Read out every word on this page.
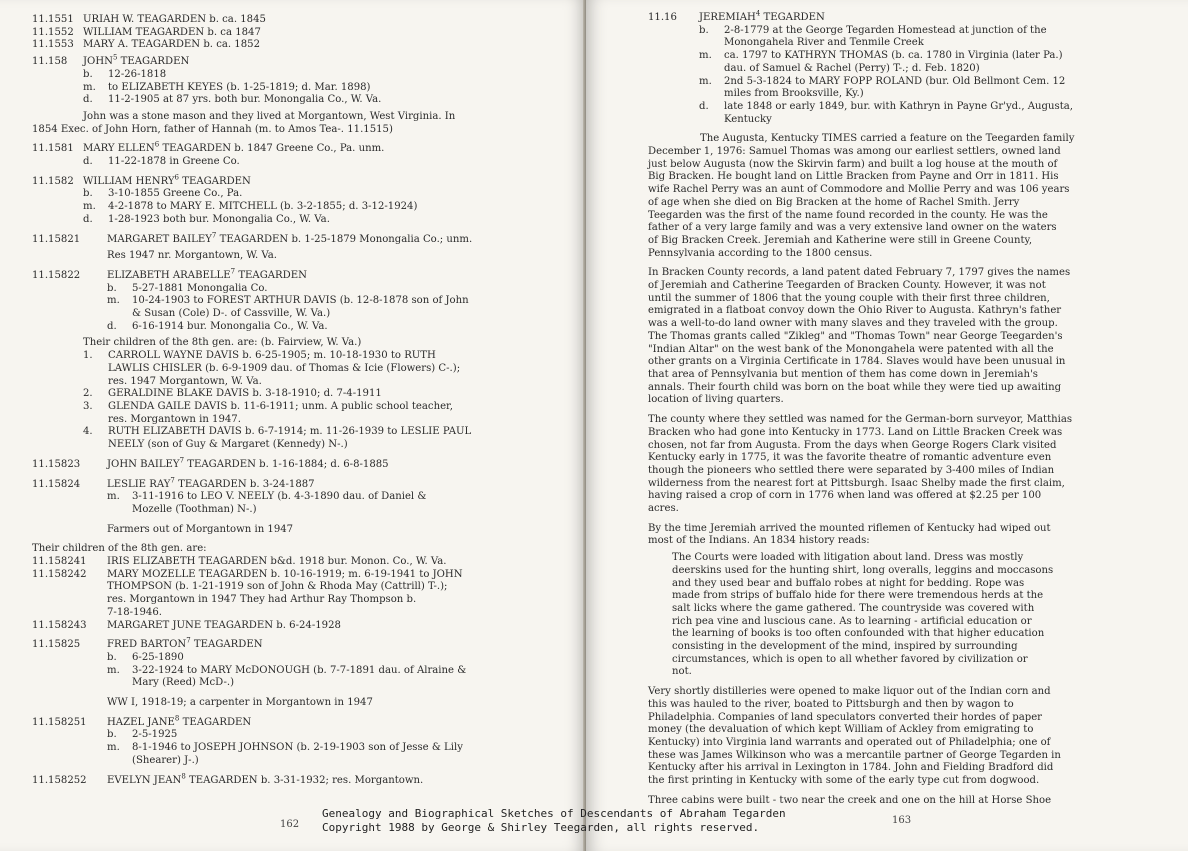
11.1551 URIAH W. TEAGARDEN b. ca. 1845
11.1552 WILLIAM TEAGARDEN b. ca 1847
11.1553 MARY A. TEAGARDEN b. ca. 1852
11.158	JOHN$^5$ TEAGARDEN
b.	12-26-1818
m.	to ELIZABETH KEYES (b. 1-25-1819; d. Mar. 1898)
d.	11-2-1905 at 87 yrs. both bur. Monongalia Co., W. Va.
John was a stone mason and they lived at Morgantown, West Virginia. In
1854 Exec. of John Horn, father of Hannah (m. to Amos Tea-. 11.1515)
11.1581 MARY ELLEN$^6$ TEAGARDEN b. 1847 Greene Co., Pa. unm.
d.	11-22-1878 in Greene Co.
11.1582 WILLIAM HENRY$^6$ TEAGARDEN
b.	3-10-1855 Greene Co., Pa.
m.	4-2-1878 to MARY E. MITCHELL (b. 3-2-1855; d. 3-12-1924)
d.	1-28-1923 both bur. Monongalia Co., W. Va.
11.15821	MARGARET BAILEY$^7$ TEAGARDEN b. 1-25-1879 Monongalia Co.; unm.
Res 1947 nr. Morgantown, W. Va.
11.15822	ELIZABETH ARABELLE$^7$ TEAGARDEN
b.	5-27-1881 Monongalia Co.
m.	10-24-1903 to FOREST ARTHUR DAVIS (b. 12-8-1878 son of John
& Susan (Cole) D-. of Cassville, W. Va.)
d.	6-16-1914 bur. Monongalia Co., W. Va.
Their children of the 8th gen. are: (b. Fairview, W. Va.)
1.	CARROLL WAYNE DAVIS b. 6-25-1905; m. 10-18-1930 to RUTH
LAWLIS CHISLER (b. 6-9-1909 dau. of Thomas & Icie (Flowers) C-.);
res. 1947 Morgantown, W. Va.
2.	GERALDINE BLAKE DAVIS b. 3-18-1910; d. 7-4-1911
3.	GLENDA GAILE DAVIS b. 11-6-1911; unm. A public school teacher,
res. Morgantown in 1947.
4.	RUTH ELIZABETH DAVIS b. 6-7-1914; m. 11-26-1939 to LESLIE PAUL
NEELY (son of Guy & Margaret (Kennedy) N-.)
11.15823	JOHN BAILEY$^7$ TEAGARDEN b. 1-16-1884; d. 6-8-1885
11.15824	LESLIE RAY$^7$ TEAGARDEN b. 3-24-1887
m.	3-11-1916 to LEO V. NEELY (b. 4-3-1890 dau. of Daniel &
Mozelle (Toothman) N-.)
Farmers out of Morgantown in 1947
Their children of the 8th gen. are:
11.158241	IRIS ELIZABETH TEAGARDEN b&d. 1918 bur. Monon. Co., W. Va.
11.158242	MARY MOZELLE TEAGARDEN b. 10-16-1919; m. 6-19-1941 to JOHN
THOMPSON (b. 1-21-1919 son of John & Rhoda May (Cattrill) T-.);
res. Morgantown in 1947 They had Arthur Ray Thompson b.
7-18-1946.
11.158243	MARGARET JUNE TEAGARDEN b. 6-24-1928
11.15825	FRED BARTON$^7$ TEAGARDEN
b.	6-25-1890
m.	3-22-1924 to MARY McDONOUGH (b. 7-7-1891 dau. of Alraine &
Mary (Reed) McD-.)
WW I, 1918-19; a carpenter in Morgantown in 1947
11.158251	HAZEL JANE$^8$ TEAGARDEN
b.	2-5-1925
m.	8-1-1946 to JOSEPH JOHNSON (b. 2-19-1903 son of Jesse & Lily
(Shearer) J-.)
11.158252	EVELYN JEAN$^8$ TEAGARDEN b. 3-31-1932; res. Morgantown.
162
11.16	JEREMIAH$^4$ TEGARDEN
b.	2-8-1779 at the George Tegarden Homestead at junction of the
Monongahela River and Tenmile Creek
m.	ca. 1797 to KATHRYN THOMAS (b. ca. 1780 in Virginia (later Pa.)
dau. of Samuel & Rachel (Perry) T-.; d. Feb. 1820)
m.	2nd 5-3-1824 to MARY FOPP ROLAND (bur. Old Bellmont Cem. 12
miles from Brooksville, Ky.)
d.	late 1848 or early 1849, bur. with Kathryn in Payne Gr'yd., Augusta,
Kentucky
The Augusta, Kentucky TIMES carried a feature on the Teegarden family
December 1, 1976: Samuel Thomas was among our earliest settlers, owned land
just below Augusta (now the Skirvin farm) and built a log house at the mouth of
Big Bracken. He bought land on Little Bracken from Payne and Orr in 1811. His
wife Rachel Perry was an aunt of Commodore and Mollie Perry and was 106 years
of age when she died on Big Bracken at the home of Rachel Smith. Jerry
Teegarden was the first of the name found recorded in the county. He was the
father of a very large family and was a very extensive land owner on the waters
of Big Bracken Creek. Jeremiah and Katherine were still in Greene County,
Pennsylvania according to the 1800 census.
In Bracken County records, a land patent dated February 7, 1797 gives the names
of Jeremiah and Catherine Teegarden of Bracken County. However, it was not
until the summer of 1806 that the young couple with their first three children,
emigrated in a flatboat convoy down the Ohio River to Augusta. Kathryn's father
was a well-to-do land owner with many slaves and they traveled with the group.
The Thomas grants called "Zikleg" and "Thomas Town" near George Teegarden's
"Indian Altar" on the west bank of the Monongahela were patented with all the
other grants on a Virginia Certificate in 1784. Slaves would have been unusual in
that area of Pennsylvania but mention of them has come down in Jeremiah's
annals. Their fourth child was born on the boat while they were tied up awaiting
location of living quarters.
The county where they settled was named for the German-born surveyor, Matthias
Bracken who had gone into Kentucky in 1773. Land on Little Bracken Creek was
chosen, not far from Augusta. From the days when George Rogers Clark visited
Kentucky early in 1775, it was the favorite theatre of romantic adventure even
though the pioneers who settled there were separated by 3-400 miles of Indian
wilderness from the nearest fort at Pittsburgh. Isaac Shelby made the first claim,
having raised a crop of corn in 1776 when land was offered at $2.25 per 100
acres.
By the time Jeremiah arrived the mounted riflemen of Kentucky had wiped out
most of the Indians. An 1834 history reads:
The Courts were loaded with litigation about land. Dress was mostly
deerskins used for the hunting shirt, long overalls, leggins and moccasons
and they used bear and buffalo robes at night for bedding. Rope was
made from strips of buffalo hide for there were tremendous herds at the
salt licks where the game gathered. The countryside was covered with
rich pea vine and luscious cane. As to learning - artificial education or
the learning of books is too often confounded with that higher education
consisting in the development of the mind, inspired by surrounding
circumstances, which is open to all whether favored by civilization or
not.
Very shortly distilleries were opened to make liquor out of the Indian corn and
this was hauled to the river, boated to Pittsburgh and then by wagon to
Philadelphia. Companies of land speculators converted their hordes of paper
money (the devaluation of which kept William of Ackley from emigrating to
Kentucky) into Virginia land warrants and operated out of Philadelphia; one of
these was James Wilkinson who was a mercantile partner of George Tegarden in
Kentucky after his arrival in Lexington in 1784. John and Fielding Bradford did
the first printing in Kentucky with some of the early type cut from dogwood.
Three cabins were built - two near the creek and one on the hill at Horse Shoe
163
Genealogy and Biographical Sketches of Descendants of Abraham Tegarden
Copyright 1988 by George & Shirley Teegarden, all rights reserved.
